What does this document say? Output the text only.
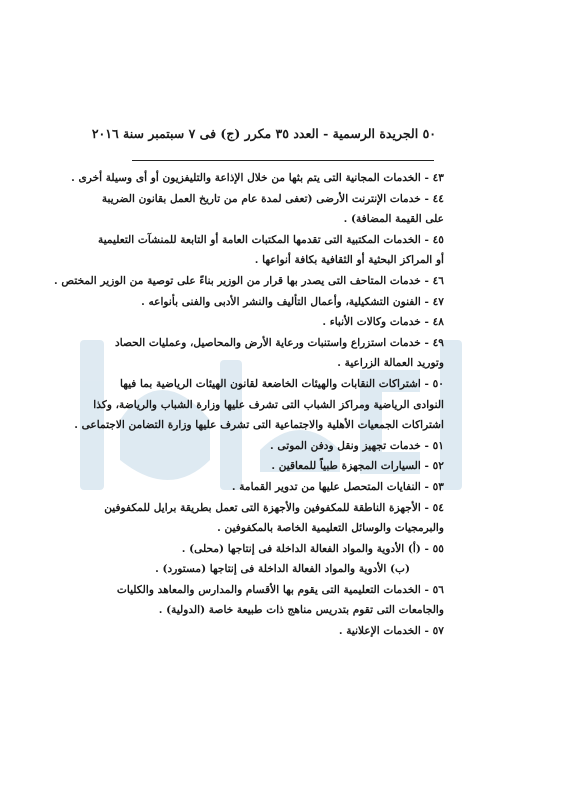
٥٠ الجريدة الرسمية - العدد ٣٥ مكرر (ج) فى ٧ سبتمبر سنة ٢٠١٦
٤٣ - الخدمات المجانية التى يتم بثها من خلال الإذاعة والتليفزيون أو أى وسيلة أخرى .
٤٤ - خدمات الإنترنت الأرضى (تعفى لمدة عام من تاريخ العمل بقانون الضريبة
على القيمة المضافة) .
٤٥ - الخدمات المكتبية التى تقدمها المكتبات العامة أو التابعة للمنشآت التعليمية
أو المراكز البحثية أو الثقافية بكافة أنواعها .
٤٦ - خدمات المتاحف التى يصدر بها قرار من الوزير بناءً على توصية من الوزير المختص .
٤٧ - الفنون التشكيلية، وأعمال التأليف والنشر الأدبى والفنى بأنواعه .
٤٨ - خدمات وكالات الأنباء .
٤٩ - خدمات استزراع واستنبات ورعاية الأرض والمحاصيل، وعمليات الحصاد
وتوريد العمالة الزراعية .
٥٠ - اشتراكات النقابات والهيئات الخاضعة لقانون الهيئات الرياضية بما فيها
النوادى الرياضية ومراكز الشباب التى تشرف عليها وزارة الشباب والرياضة، وكذا
اشتراكات الجمعيات الأهلية والاجتماعية التى تشرف عليها وزارة التضامن الاجتماعى .
٥١ - خدمات تجهيز ونقل ودفن الموتى .
٥٢ - السيارات المجهزة طبياً للمعاقين .
٥٣ - النفايات المتحصل عليها من تدوير القمامة .
٥٤ - الأجهزة الناطقة للمكفوفين والأجهزة التى تعمل بطريقة برايل للمكفوفين
والبرمجيات والوسائل التعليمية الخاصة بالمكفوفين .
٥٥ - (أ) الأدوية والمواد الفعالة الداخلة فى إنتاجها (محلى) .
(ب) الأدوية والمواد الفعالة الداخلة فى إنتاجها (مستورد) .
٥٦ - الخدمات التعليمية التى يقوم بها الأقسام والمدارس والمعاهد والكليات
والجامعات التى تقوم بتدريس مناهج ذات طبيعة خاصة (الدولية) .
٥٧ - الخدمات الإعلانية .
